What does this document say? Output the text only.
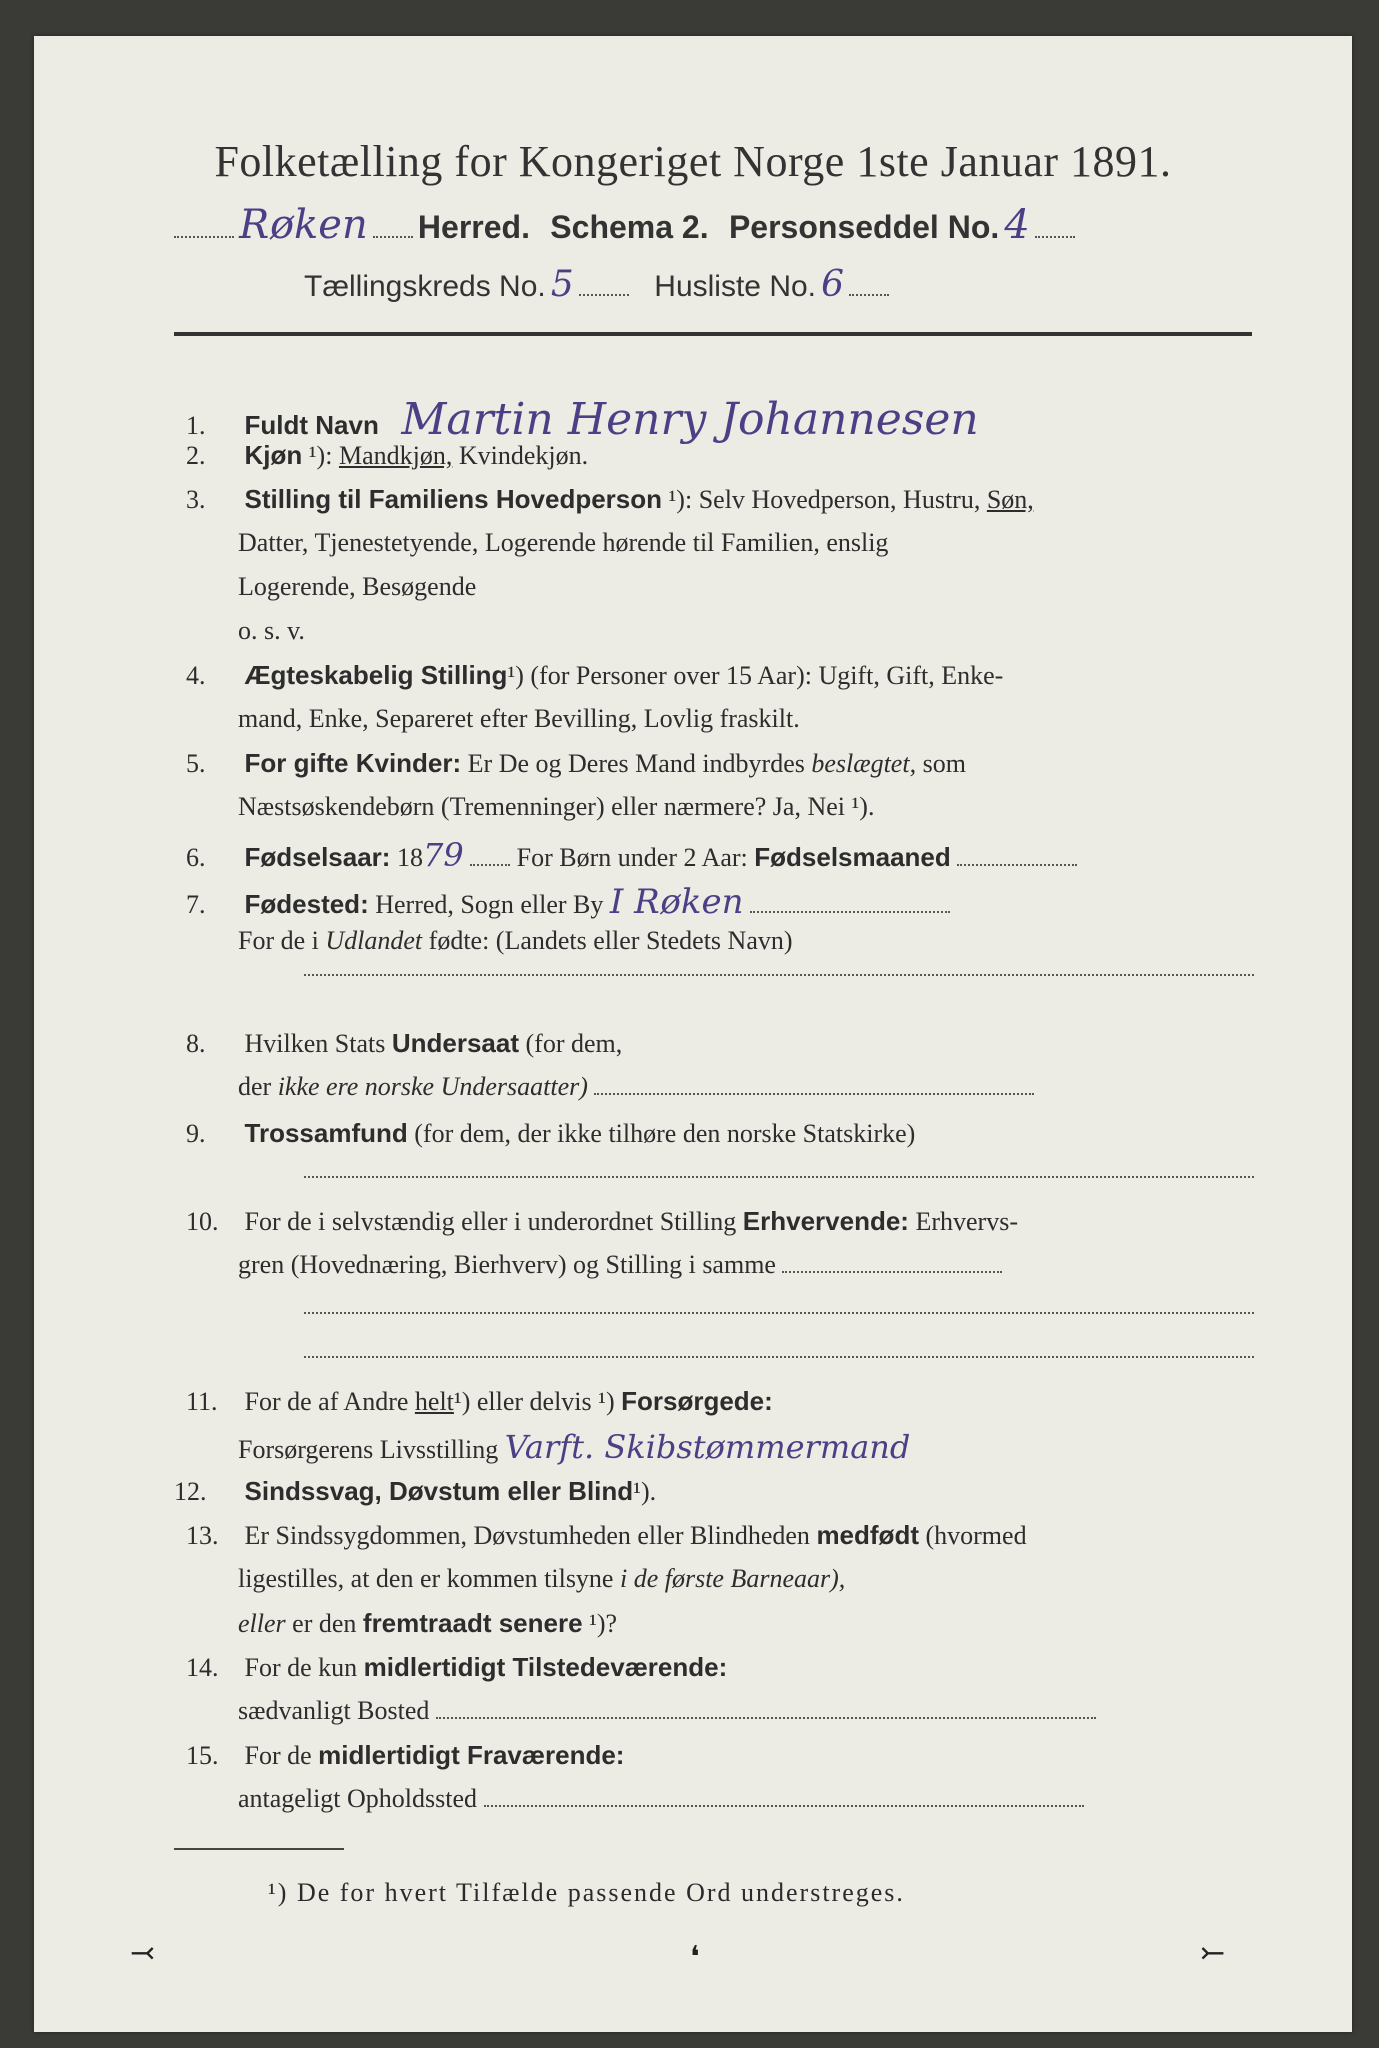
Folketælling for Kongeriget Norge 1ste Januar 1891.
Røken Herred. Schema 2. Personseddel No. 4
Tællingskreds No. 5	Husliste No. 6
1. Fuldt Navn Martin Henry Johannesen
2. Kjøn ¹): Mandkjøn, Kvindekjøn.
3. Stilling til Familiens Hovedperson ¹): Selv Hovedperson, Hustru, Søn,
Datter, Tjenestetyende, Logerende hørende til Familien, enslig
Logerende, Besøgende
o. s. v.
4. Ægteskabelig Stilling¹) (for Personer over 15 Aar): Ugift, Gift, Enke-
mand, Enke, Separeret efter Bevilling, Lovlig fraskilt.
5. For gifte Kvinder: Er De og Deres Mand indbyrdes beslægtet, som
Næstsøskendebørn (Tremenninger) eller nærmere? Ja, Nei ¹).
6. Fødselsaar: 1879 For Børn under 2 Aar: Fødselsmaaned
7. Fødested: Herred, Sogn eller By I Røken
For de i Udlandet fødte: (Landets eller Stedets Navn)
8. Hvilken Stats Undersaat (for dem,
der ikke ere norske Undersaatter)
9. Trossamfund (for dem, der ikke tilhøre den norske Statskirke)
10. For de i selvstændig eller i underordnet Stilling Erhvervende: Erhvervs-
gren (Hovednæring, Bierhverv) og Stilling i samme
11. For de af Andre helt¹) eller delvis ¹) Forsørgede:
Forsørgerens Livsstilling Varft. Skibstømmermand
12. Sindssvag, Døvstum eller Blind¹).
13. Er Sindssygdommen, Døvstumheden eller Blindheden medfødt (hvormed
ligestilles, at den er kommen tilsyne i de første Barneaar),
eller er den fremtraadt senere ¹)?
14. For de kun midlertidigt Tilstedeværende:
sædvanligt Bosted
15. For de midlertidigt Fraværende:
antageligt Opholdssted
¹) De for hvert Tilfælde passende Ord understreges.
⤙	❛	⤚
